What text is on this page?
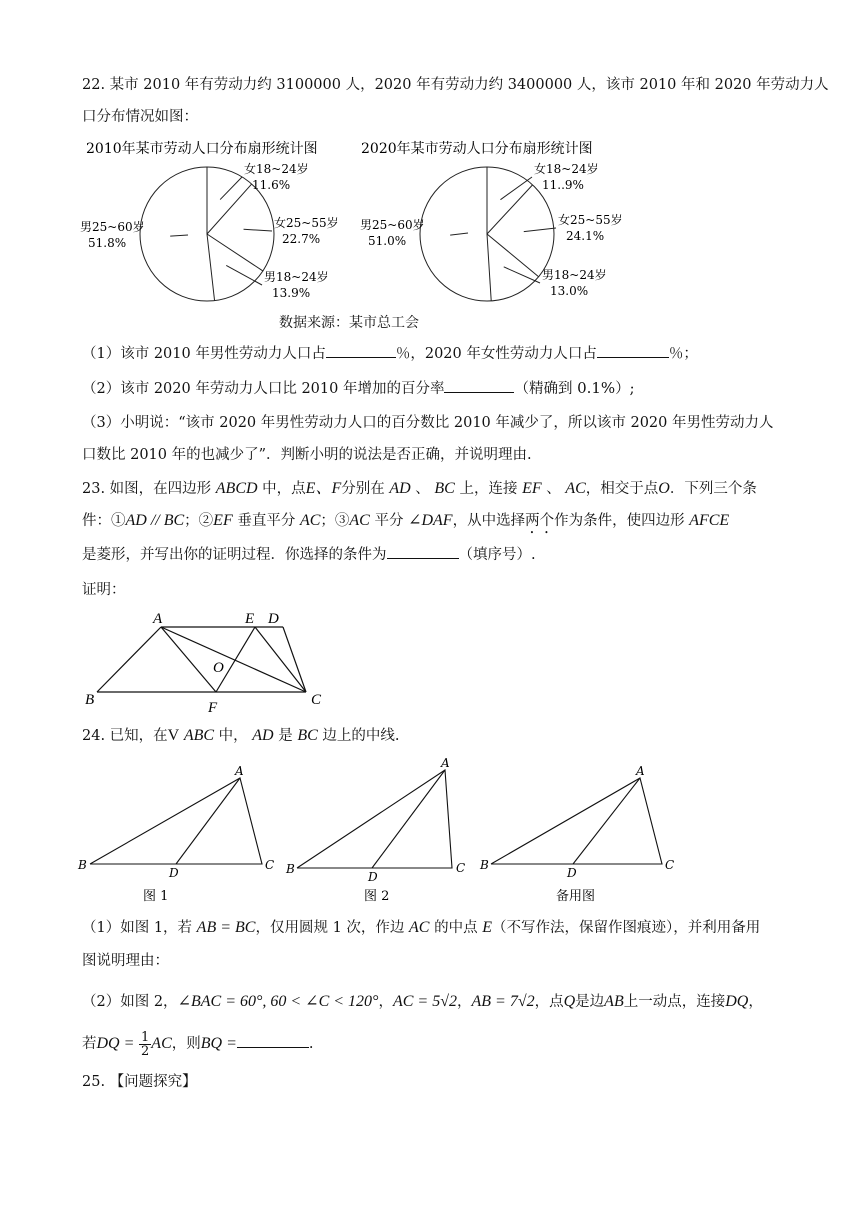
22. 某市 2010 年有劳动力约 3100000 人，2020 年有劳动力约 3400000 人，该市 2010 年和 2020 年劳动力人
口分布情况如图：
2010年某市劳动人口分布扇形统计图
女18~24岁
11.6%
女25~55岁
22.7%
男18~24岁
13.9%
男25~60岁
51.8%
2020年某市劳动人口分布扇形统计图
女18~24岁
11..9%
女25~55岁
24.1%
男18~24岁
13.0%
男25~60岁
51.0%
数据来源：某市总工会
（1）该市 2010 年男性劳动力人口占	％，2020 年女性劳动力人口占	％；
（2）该市 2020 年劳动力人口比 2010 年增加的百分率	（精确到 0.1%）;
（3）小明说：“该市 2020 年男性劳动力人口的百分数比 2010 年减少了，所以该市 2020 年男性劳动力人
口数比 2010 年的也减少了”．判断小明的说法是否正确，并说明理由.
23. 如图，在四边形 ABCD 中，点E、F分别在 AD 、 BC 上，连接 EF 、 AC，相交于点O．下列三个条
件：①AD // BC；②EF 垂直平分 AC；③AC 平分 ∠DAF，从中选择两个作为条件，使四边形 AFCE
是菱形，并写出你的证明过程．你选择的条件为	（填序号）.
证明：
A	E D
O
B	F	C
24. 已知，在V ABC 中， AD 是 BC 边上的中线.
A
B
D
C
A
B
D
C
A
B
D
C
图 1	图 2	备用图
（1）如图 1，若 AB = BC，仅用圆规 1 次，作边 AC 的中点 E（不写作法，保留作图痕迹），并利用备用
图说明理由：
（2）如图 2，∠BAC = 60°, 60 < ∠C < 120°，AC = 5√2，AB = 7√2，点Q是边AB上一动点，连接DQ，
若DQ = $\frac{1}{2}$ AC，则BQ =	.
25. 【问题探究】
